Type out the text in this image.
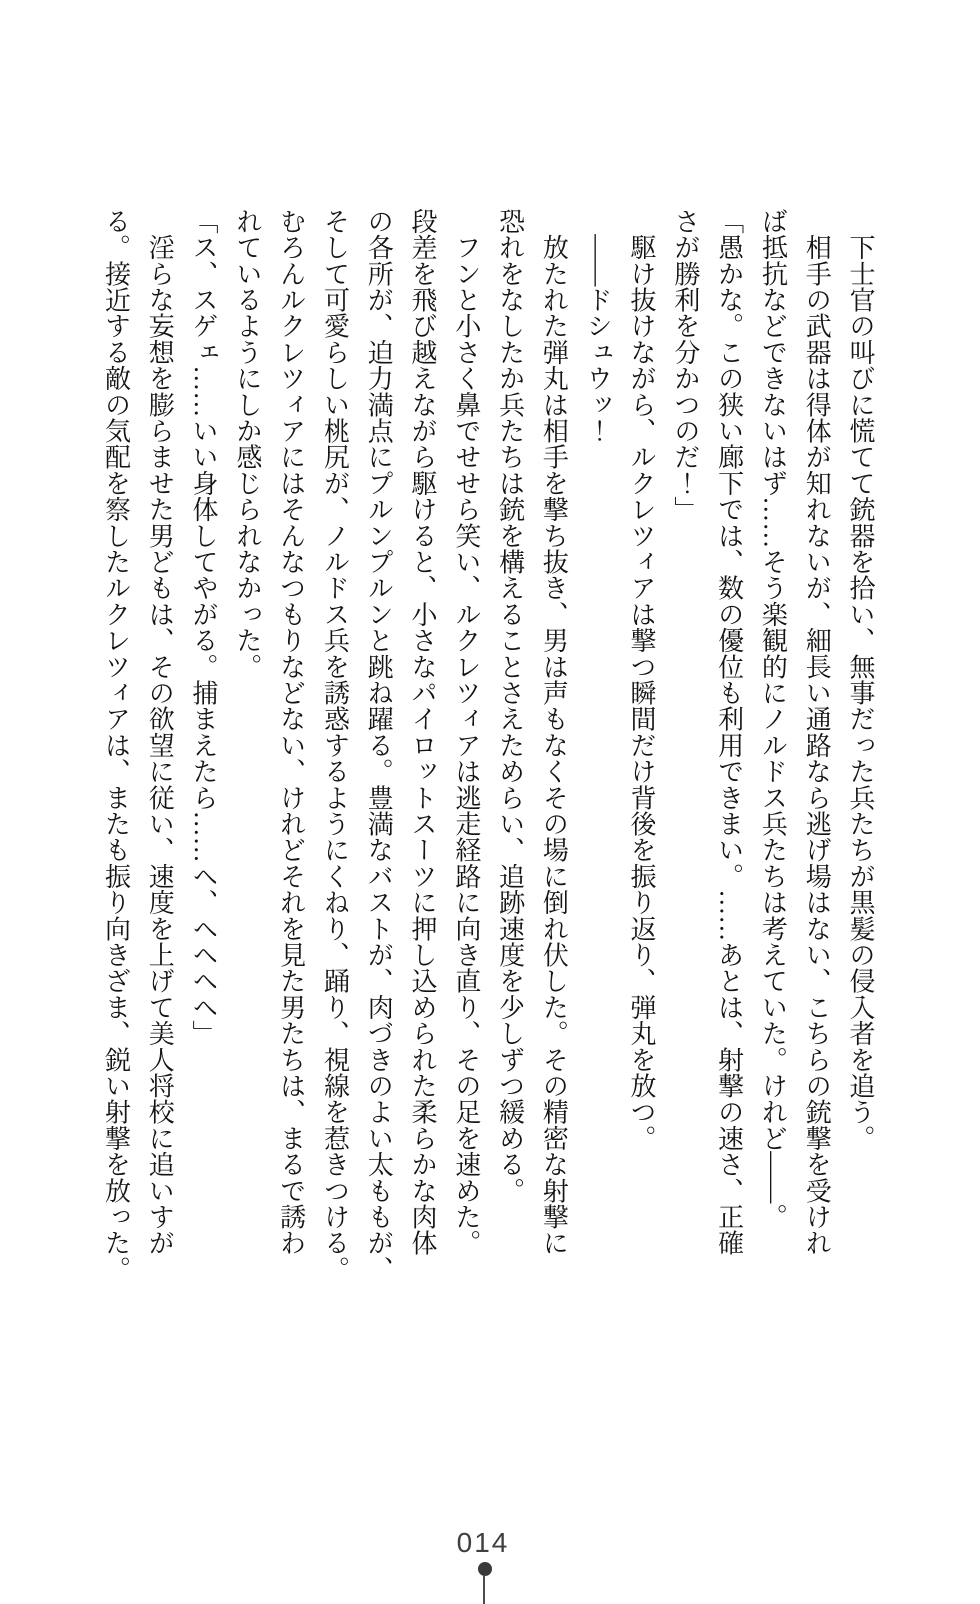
　下士官の叫びに慌てて銃器を拾い、無事だった兵たちが黒髪の侵入者を追う。
　相手の武器は得体が知れないが、細長い通路なら逃げ場はない、こちらの銃撃を受けれ
ば抵抗などできないはず……そう楽観的にノルドス兵たちは考えていた。けれど――。
「愚かな。この狭い廊下では、数の優位も利用できまい。……あとは、射撃の速さ、正確
さが勝利を分かつのだ！」
　駆け抜けながら、ルクレツィアは撃つ瞬間だけ背後を振り返り、弾丸を放つ。
　――ドシュウッ！
　放たれた弾丸は相手を撃ち抜き、男は声もなくその場に倒れ伏した。その精密な射撃に
恐れをなしたか兵たちは銃を構えることさえためらい、追跡速度を少しずつ緩める。
　フンと小さく鼻でせせら笑い、ルクレツィアは逃走経路に向き直り、その足を速めた。
段差を飛び越えながら駆けると、小さなパイロットスーツに押し込められた柔らかな肉体
の各所が、迫力満点にプルンプルンと跳ね躍る。豊満なバストが、肉づきのよい太ももが、
そして可愛らしい桃尻が、ノルドス兵を誘惑するようにくねり、踊り、視線を惹きつける。
むろんルクレツィアにはそんなつもりなどない、けれどそれを見た男たちは、まるで誘わ
れているようにしか感じられなかった。
「ス、スゲェ……いい身体してやがる。捕まえたら……ヘ、ヘヘヘヘ」
　淫らな妄想を膨らませた男どもは、その欲望に従い、速度を上げて美人将校に追いすが
る。接近する敵の気配を察したルクレツィアは、またも振り向きざま、鋭い射撃を放った。
014
